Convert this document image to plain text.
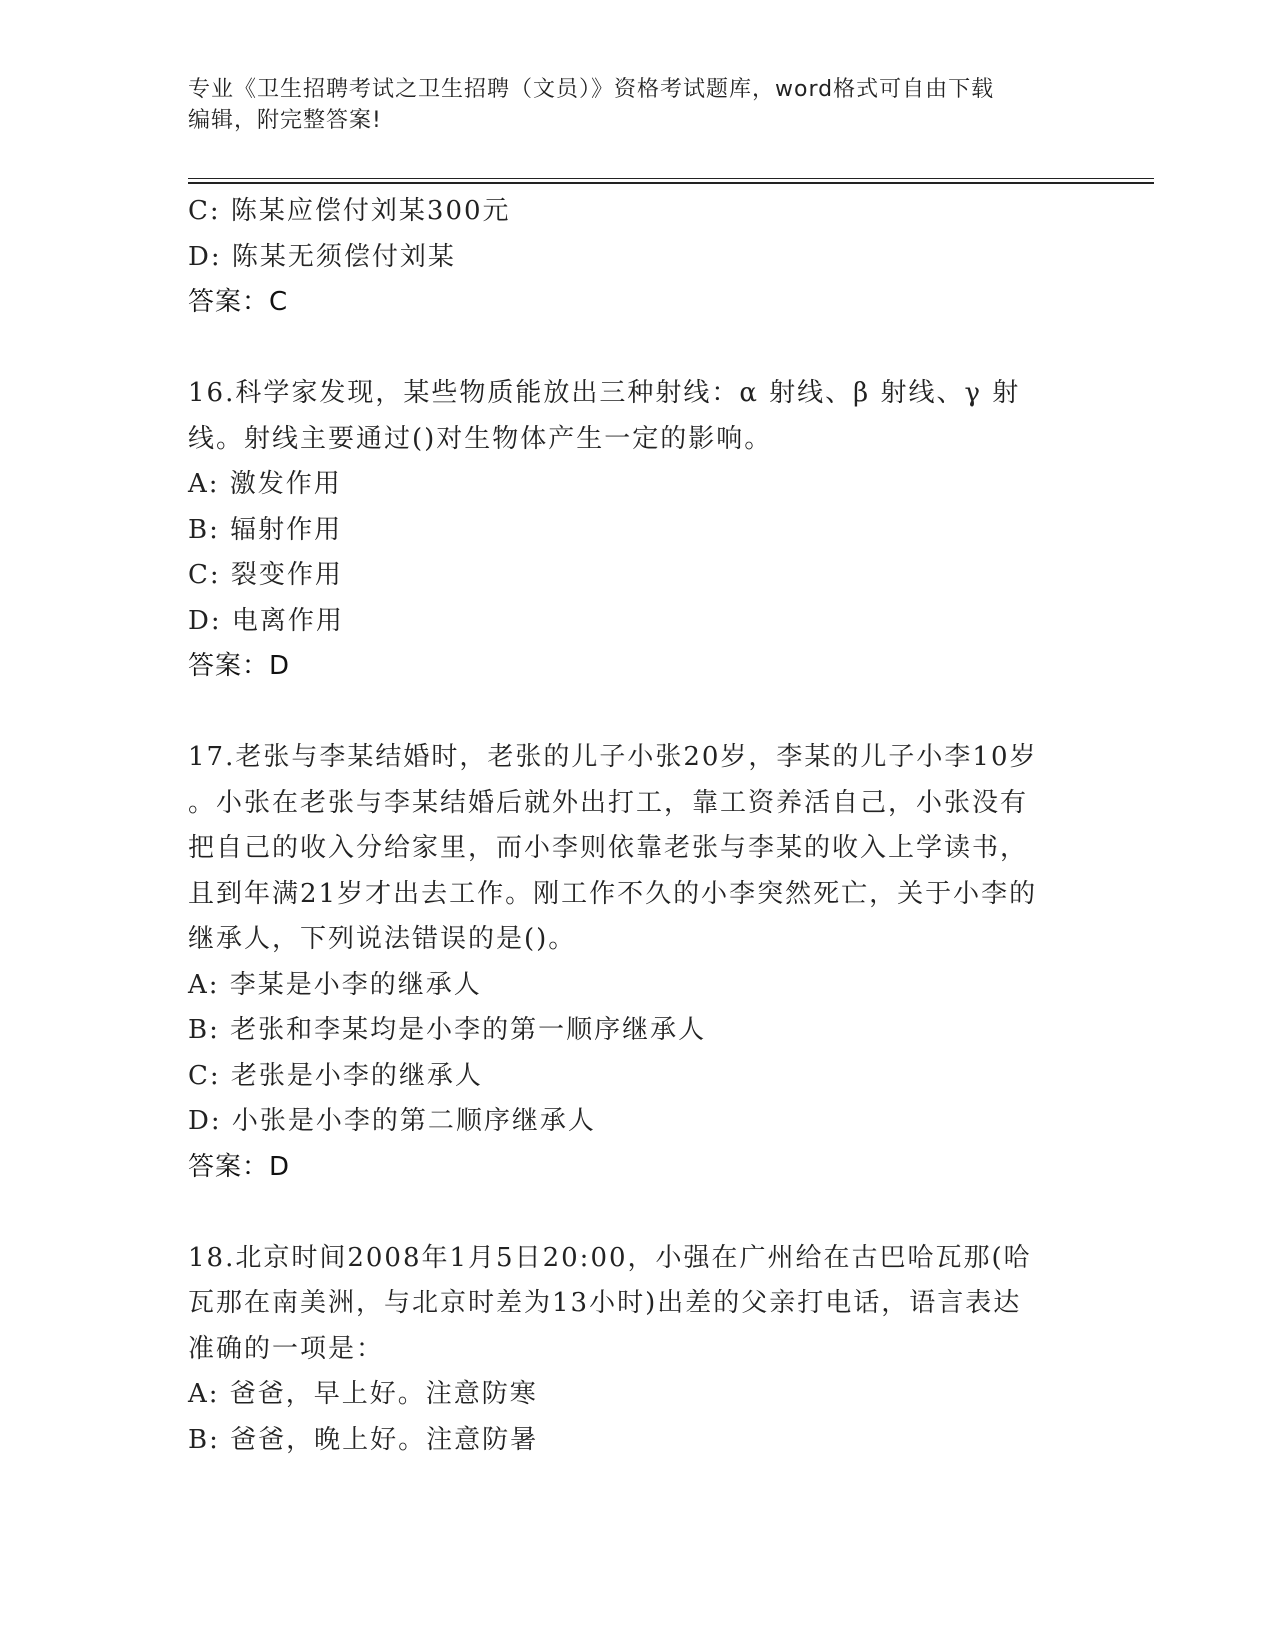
专业《卫生招聘考试之卫生招聘（文员）》资格考试题库，word格式可自由下载
编辑，附完整答案!
C: 陈某应偿付刘某300元
D: 陈某无须偿付刘某
答案：C
16.科学家发现，某些物质能放出三种射线：α 射线、β 射线、γ 射
线。射线主要通过()对生物体产生一定的影响。
A: 激发作用
B: 辐射作用
C: 裂变作用
D: 电离作用
答案：D
17.老张与李某结婚时，老张的儿子小张20岁，李某的儿子小李10岁
。小张在老张与李某结婚后就外出打工，靠工资养活自己，小张没有
把自己的收入分给家里，而小李则依靠老张与李某的收入上学读书，
且到年满21岁才出去工作。刚工作不久的小李突然死亡，关于小李的
继承人，下列说法错误的是()。
A: 李某是小李的继承人
B: 老张和李某均是小李的第一顺序继承人
C: 老张是小李的继承人
D: 小张是小李的第二顺序继承人
答案：D
18.北京时间2008年1月5日20:00，小强在广州给在古巴哈瓦那(哈
瓦那在南美洲，与北京时差为13小时)出差的父亲打电话，语言表达
准确的一项是：
A: 爸爸，早上好。注意防寒
B: 爸爸，晚上好。注意防暑
